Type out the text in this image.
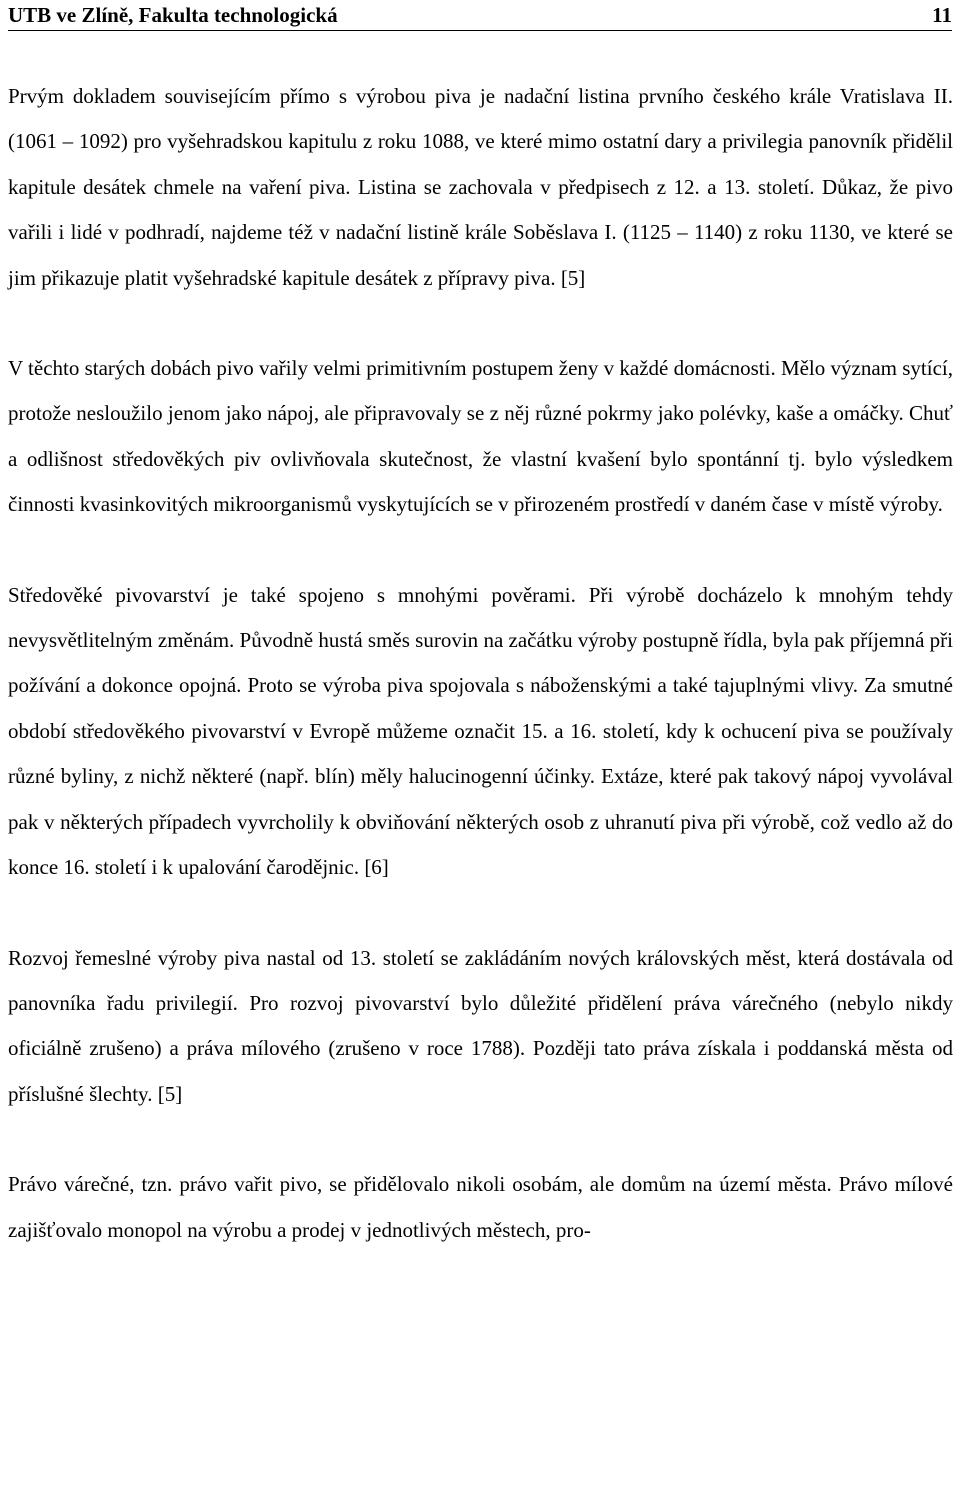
UTB ve Zlíně, Fakulta technologická	11

Prvým dokladem souvisejícím přímo s výrobou piva je nadační listina prvního českého krále Vratislava II. (1061 – 1092) pro vyšehradskou kapitulu z roku 1088, ve které mimo ostatní dary a privilegia panovník přidělil kapitule desátek chmele na vaření piva. Listina se zachovala v předpisech z 12. a 13. století. Důkaz, že pivo vařili i lidé v podhradí, najdeme též v nadační listině krále Soběslava I. (1125 – 1140) z roku 1130, ve které se jim přikazuje platit vyšehradské kapitule desátek z přípravy piva. [5]

V těchto starých dobách pivo vařily velmi primitivním postupem ženy v každé domácnosti. Mělo význam sytící, protože nesloužilo jenom jako nápoj, ale připravovaly se z něj různé pokrmy jako polévky, kaše a omáčky. Chuť a odlišnost středověkých piv ovlivňovala skutečnost, že vlastní kvašení bylo spontánní tj. bylo výsledkem činnosti kvasinkovitých mikroorganismů vyskytujících se v přirozeném prostředí v daném čase v místě výroby.

Středověké pivovarství je také spojeno s mnohými pověrami. Při výrobě docházelo k mnohým tehdy nevysvětlitelným změnám. Původně hustá směs surovin na začátku výroby postupně řídla, byla pak příjemná při požívání a dokonce opojná. Proto se výroba piva spojovala s náboženskými a také tajuplnými vlivy. Za smutné období středověkého pivovarství v Evropě můžeme označit 15. a 16. století, kdy k ochucení piva se používaly různé byliny, z nichž některé (např. blín) měly halucinogenní účinky. Extáze, které pak takový nápoj vyvolával pak v některých případech vyvrcholily k obviňování některých osob z uhranutí piva při výrobě, což vedlo až do konce 16. století i k upalování čarodějnic. [6]

Rozvoj řemeslné výroby piva nastal od 13. století se zakládáním nových královských měst, která dostávala od panovníka řadu privilegií. Pro rozvoj pivovarství bylo důležité přidělení práva várečného (nebylo nikdy oficiálně zrušeno) a práva mílového (zrušeno v roce 1788). Později tato práva získala i poddanská města od příslušné šlechty. [5]

Právo várečné, tzn. právo vařit pivo, se přidělovalo nikoli osobám, ale domům na území města. Právo mílové zajišťovalo monopol na výrobu a prodej v jednotlivých městech, pro-
